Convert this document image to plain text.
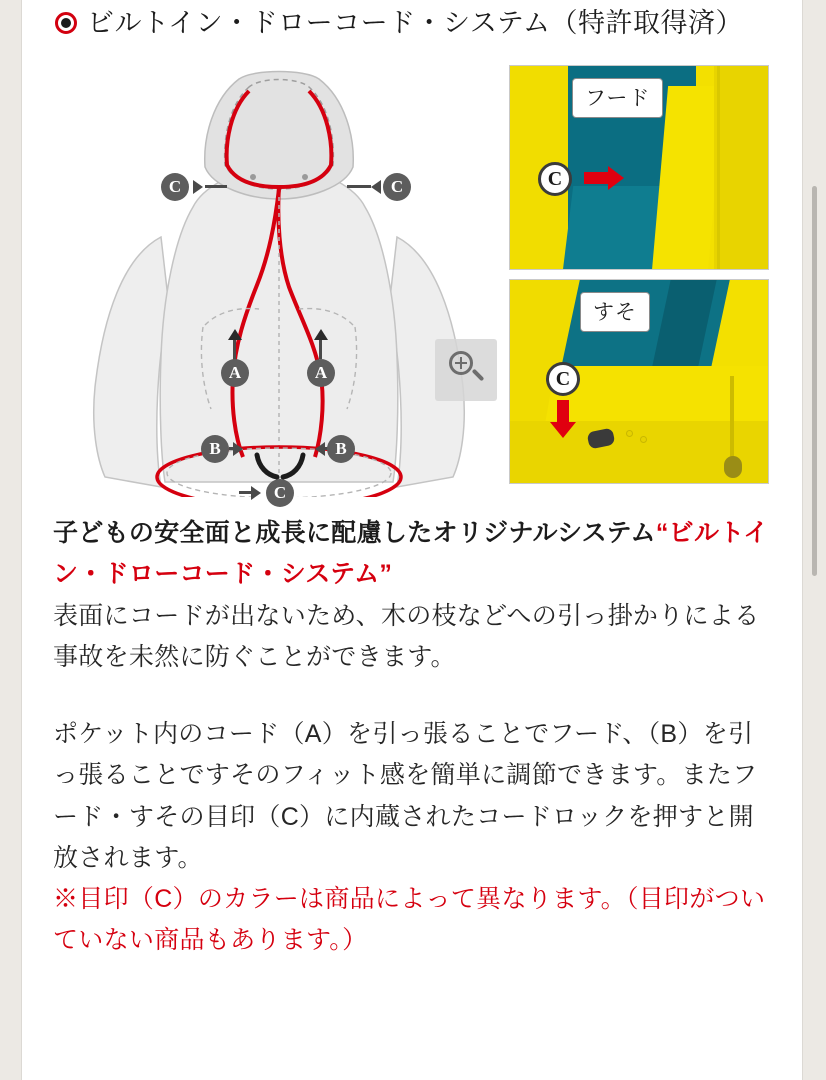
ビルトイン・ドローコード・システム（特許取得済）
C	C
A	A
B	B
C
フード
C
すそ
C

子どもの安全面と成長に配慮したオリジナルシステム“ビルトイン・ドローコード・システム”

表面にコードが出ないため、木の枝などへの引っ掛かりによる事故を未然に防ぐことができます。

ポケット内のコード（A）を引っ張ることでフード、（B）を引っ張ることですそのフィット感を簡単に調節できます。またフード・すその目印（C）に内蔵されたコードロックを押すと開放されます。

※目印（C）のカラーは商品によって異なります。（目印がついていない商品もあります。）
